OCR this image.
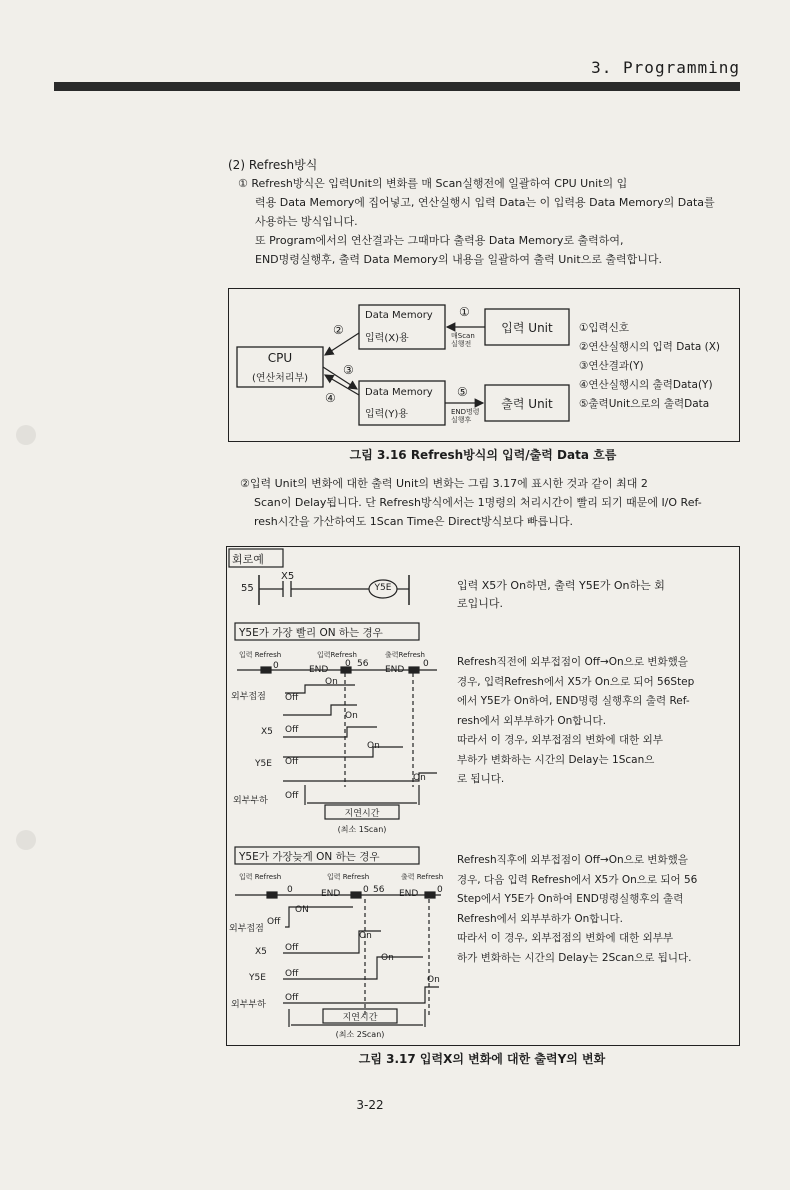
3. Programming
(2) Refresh방식
① Refresh방식은 입력Unit의 변화를 매 Scan실행전에 일괄하여 CPU Unit의 입
력용 Data Memory에 집어넣고, 연산실행시 입력 Data는 이 입력용 Data Memory의 Data를
사용하는 방식입니다.
또 Program에서의 연산결과는 그때마다 출력용 Data Memory로 출력하여,
END명령실행후, 출력 Data Memory의 내용을 일괄하여 출력 Unit으로 출력합니다.
CPU
(연산처리부)
Data Memory
입력(X)용
Data Memory
입력(Y)용
입력 Unit
출력 Unit
매Scan 실행전
END명령 실행후
①
②
③
④	⑤
①입력신호
②연산실행시의 입력 Data (X)
③연산결과(Y)
④연산실행시의 출력Data(Y)
⑤출력Unit으로의 출력Data
그림 3.16 Refresh방식의 입력/출력 Data 흐름
②입력 Unit의 변화에 대한 출력 Unit의 변화는 그림 3.17에 표시한 것과 같이 최대 2
Scan이 Delay됩니다. 단 Refresh방식에서는 1명령의 처리시간이 빨리 되기 때문에 I/O Ref-
resh시간을 가산하여도 1Scan Time은 Direct방식보다 빠릅니다.
회로예
55
X5
Y5E	입력 X5가 On하면, 출력 Y5E가 On하는 회
로입니다.
Y5E가 가장 빨리 ON 하는 경우
입력 Refresh	입력Refresh	출력Refresh
0	END
0 56
END
0
On
외부접점
X5
Y5E
외부부하
Off
Off
Off
Off
On
On
On
지연시간
(최소 1Scan)
Refresh직전에 외부접점이 Off→On으로 변화했을
경우, 입력Refresh에서 X5가 On으로 되어 56Step
에서 Y5E가 On하여, END명령 실행후의 출력 Ref-
resh에서 외부부하가 On합니다.
따라서 이 경우, 외부접점의 변화에 대한 외부
부하가 변화하는 시간의 Delay는 1Scan으
로 됩니다.
Y5E가 가장늦게 ON 하는 경우
입력 Refresh	입력 Refresh	출력 Refresh
0	END	0 56 END 0
ON
외부접점
X5
Y5E
외부부하
Off
Off
Off
Off
On
On
On
지연시간
(최소 2Scan)
Refresh직후에 외부접점이 Off→On으로 변화했을
경우, 다음 입력 Refresh에서 X5가 On으로 되어 56
Step에서 Y5E가 On하여 END명령실행후의 출력
Refresh에서 외부부하가 On합니다.
따라서 이 경우, 외부접점의 변화에 대한 외부부
하가 변화하는 시간의 Delay는 2Scan으로 됩니다.
그림 3.17 입력X의 변화에 대한 출력Y의 변화
3-22
